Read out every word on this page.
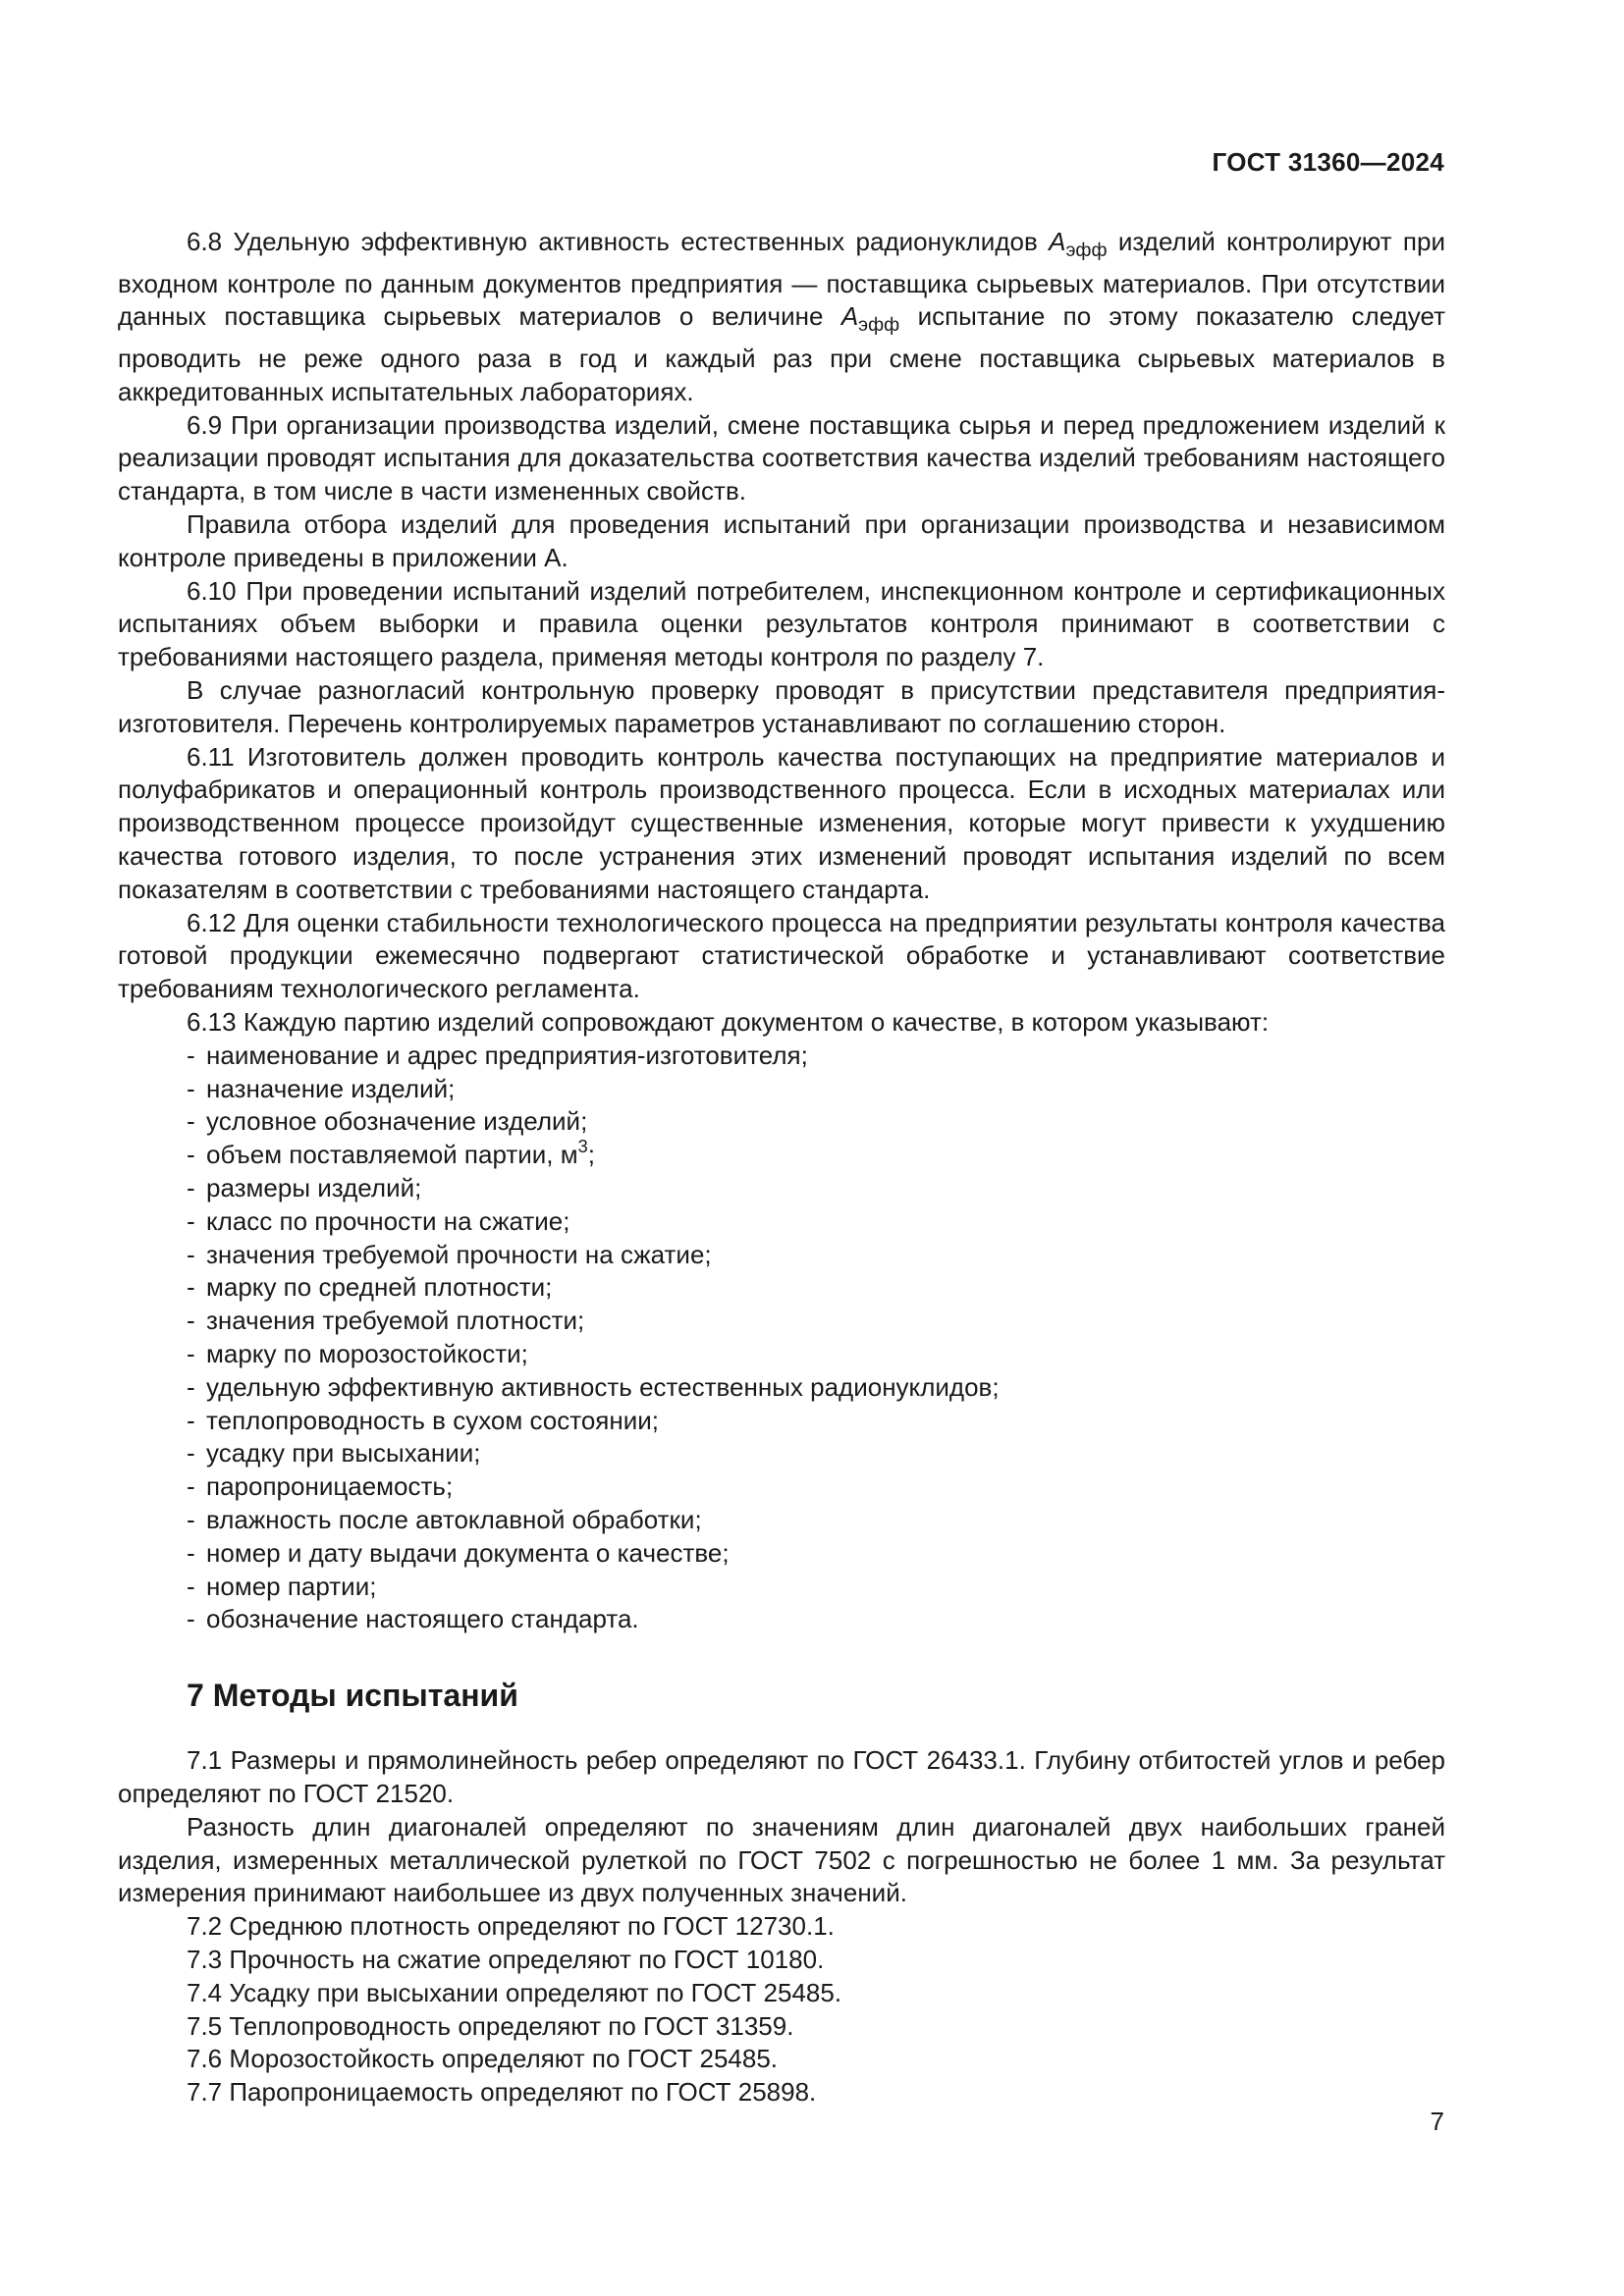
ГОСТ 31360—2024

6.8 Удельную эффективную активность естественных радионуклидов $A_{эфф}$ изделий контролируют при входном контроле по данным документов предприятия — поставщика сырьевых материалов. При отсутствии данных поставщика сырьевых материалов о величине $A_{эфф}$ испытание по этому показателю следует проводить не реже одного раза в год и каждый раз при смене поставщика сырьевых материалов в аккредитованных испытательных лабораториях.

6.9 При организации производства изделий, смене поставщика сырья и перед предложением изделий к реализации проводят испытания для доказательства соответствия качества изделий требованиям настоящего стандарта, в том числе в части измененных свойств.

Правила отбора изделий для проведения испытаний при организации производства и независимом контроле приведены в приложении А.

6.10 При проведении испытаний изделий потребителем, инспекционном контроле и сертификационных испытаниях объем выборки и правила оценки результатов контроля принимают в соответствии с требованиями настоящего раздела, применяя методы контроля по разделу 7.

В случае разногласий контрольную проверку проводят в присутствии представителя предприятия-изготовителя. Перечень контролируемых параметров устанавливают по соглашению сторон.

6.11 Изготовитель должен проводить контроль качества поступающих на предприятие материалов и полуфабрикатов и операционный контроль производственного процесса. Если в исходных материалах или производственном процессе произойдут существенные изменения, которые могут привести к ухудшению качества готового изделия, то после устранения этих изменений проводят испытания изделий по всем показателям в соответствии с требованиями настоящего стандарта.

6.12 Для оценки стабильности технологического процесса на предприятии результаты контроля качества готовой продукции ежемесячно подвергают статистической обработке и устанавливают соответствие требованиям технологического регламента.

6.13 Каждую партию изделий сопровождают документом о качестве, в котором указывают:

- наименование и адрес предприятия-изготовителя;
- назначение изделий;
- условное обозначение изделий;
- объем поставляемой партии, $м^3$;
- размеры изделий;
- класс по прочности на сжатие;
- значения требуемой прочности на сжатие;
- марку по средней плотности;
- значения требуемой плотности;
- марку по морозостойкости;
- удельную эффективную активность естественных радионуклидов;
- теплопроводность в сухом состоянии;
- усадку при высыхании;
- паропроницаемость;
- влажность после автоклавной обработки;
- номер и дату выдачи документа о качестве;
- номер партии;
- обозначение настоящего стандарта.
7 Методы испытаний

7.1 Размеры и прямолинейность ребер определяют по ГОСТ 26433.1. Глубину отбитостей углов и ребер определяют по ГОСТ 21520.

Разность длин диагоналей определяют по значениям длин диагоналей двух наибольших граней изделия, измеренных металлической рулеткой по ГОСТ 7502 с погрешностью не более 1 мм. За результат измерения принимают наибольшее из двух полученных значений.

7.2 Среднюю плотность определяют по ГОСТ 12730.1.

7.3 Прочность на сжатие определяют по ГОСТ 10180.

7.4 Усадку при высыхании определяют по ГОСТ 25485.

7.5 Теплопроводность определяют по ГОСТ 31359.

7.6 Морозостойкость определяют по ГОСТ 25485.

7.7 Паропроницаемость определяют по ГОСТ 25898.

7
